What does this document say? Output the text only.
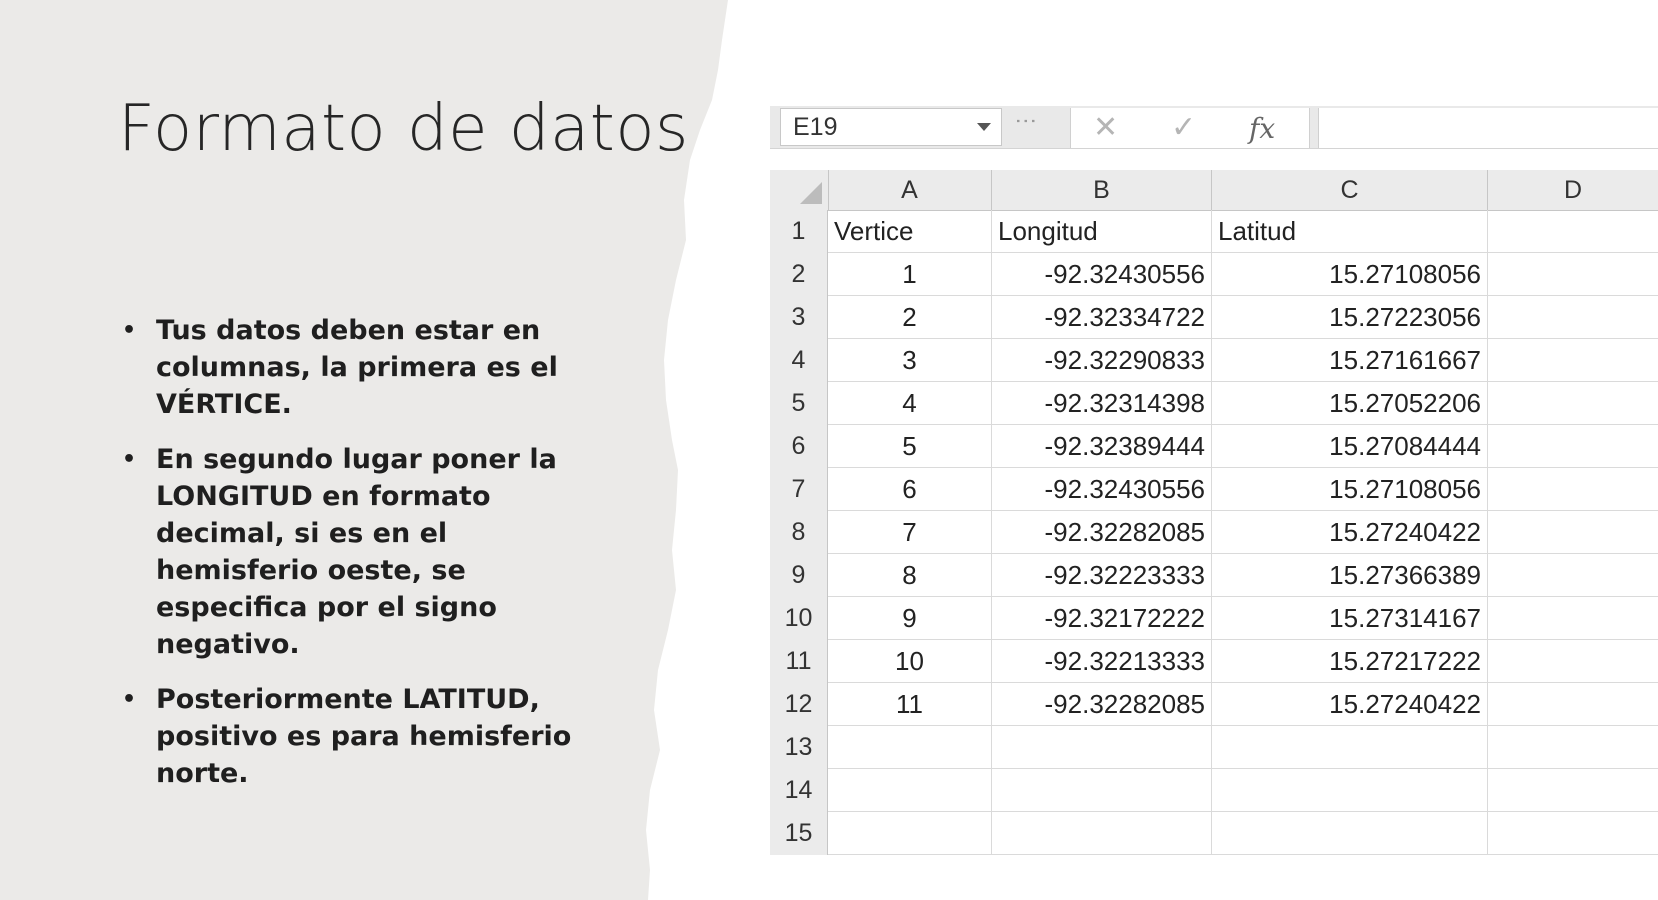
Formato de datos
• Tus datos deben estar en columnas, la primera es el VÉRTICE.
• En segundo lugar poner la LONGITUD en formato decimal, si es en el hemisferio oeste, se especifica por el signo negativo.
• Posteriormente LATITUD, positivo es para hemisferio norte.
E19	⋮ ✕ ✓ fx
A	B	C	D
1	Vertice	Longitud	Latitud
2	1	-92.32430556	15.27108056
3	2	-92.32334722	15.27223056
4	3	-92.32290833	15.27161667
5	4	-92.32314398	15.27052206
6	5	-92.32389444	15.27084444
7	6	-92.32430556	15.27108056
8	7	-92.32282085	15.27240422
9	8	-92.32223333	15.27366389
10	9	-92.32172222	15.27314167
11	10	-92.32213333	15.27217222
12	11	-92.32282085	15.27240422
13
14
15
